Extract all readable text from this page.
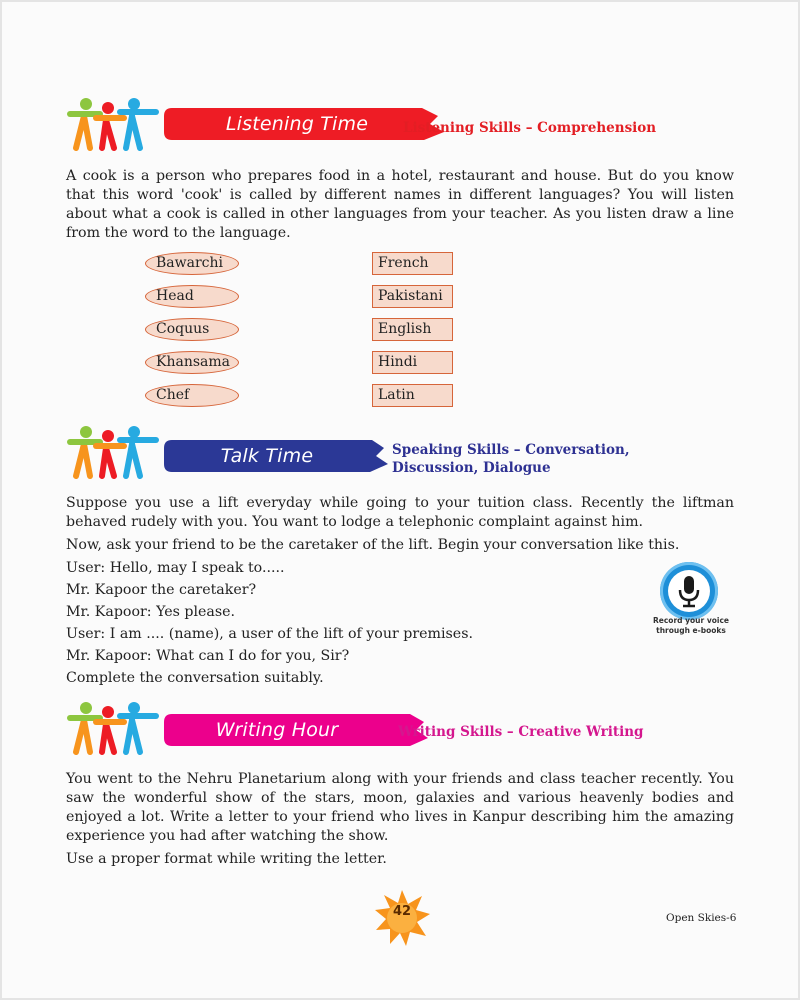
Listening Time	Listening Skills – Comprehension
A cook is a person who prepares food in a hotel, restaurant and house. But do you know that this word 'cook' is called by different names in different languages? You will listen about what a cook is called in other languages from your teacher. As you listen draw a line from the word to the language.
Bawarchi
Head
Coquus
Khansama
Chef
French
Pakistani
English
Hindi
Latin
Talk Time	Speaking Skills – Conversation,
Discussion, Dialogue
Suppose you use a lift everyday while going to your tuition class. Recently the liftman behaved rudely with you. You want to lodge a telephonic complaint against him.
Now, ask your friend to be the caretaker of the lift. Begin your conversation like this.
User: Hello, may I speak to.....
Mr. Kapoor the caretaker?
Mr. Kapoor: Yes please.
User: I am .... (name), a user of the lift of your premises.
Mr. Kapoor: What can I do for you, Sir?
Complete the conversation suitably.
Record your voice
through e-books
Writing Hour	Writing Skills – Creative Writing
You went to the Nehru Planetarium along with your friends and class teacher recently. You saw the wonderful show of the stars, moon, galaxies and various heavenly bodies and enjoyed a lot. Write a letter to your friend who lives in Kanpur describing him the amazing experience you had after watching the show.
Use a proper format while writing the letter.
42	Open Skies-6
